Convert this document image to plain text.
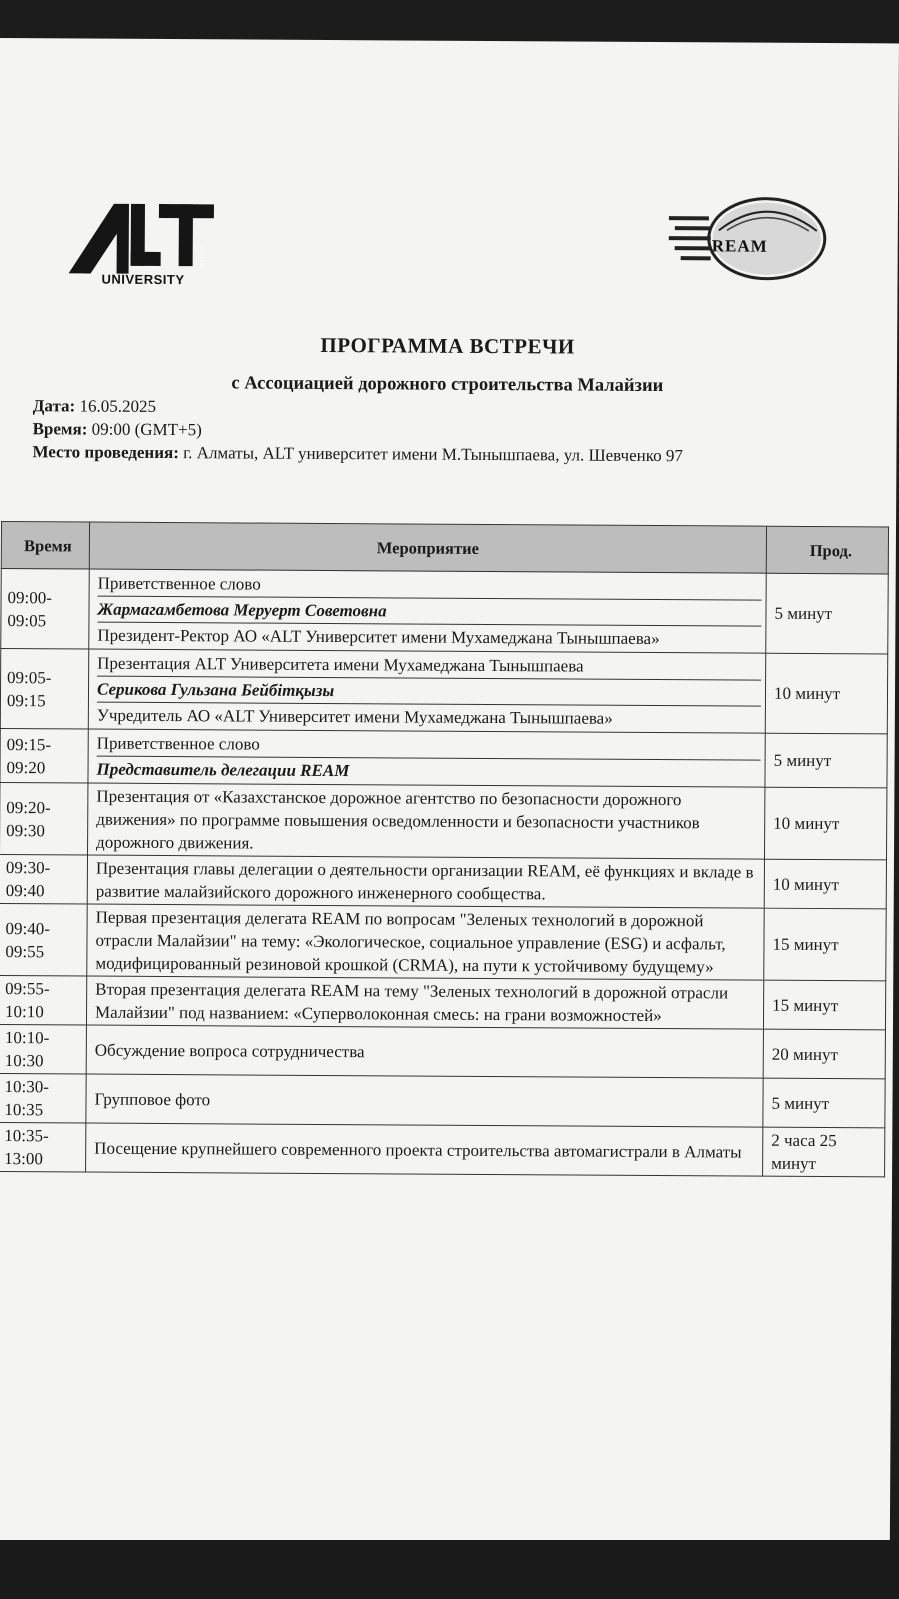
EST. 1931
UNIVERSITY
REAM
ПРОГРАММА ВСТРЕЧИ
с Ассоциацией дорожного строительства Малайзии
Дата: 16.05.2025
Время: 09:00 (GMT+5)
Место проведения: г. Алматы, ALT университет имени М.Тынышпаева, ул. Шевченко 97
Время	Мероприятие	Прод.
09:00- 09:05	Приветственное слово
Жармагамбетова Меруерт Советовна
Президент-Ректор АО «ALT Университет имени Мухамеджана Тынышпаева»	5 минут
09:05- 09:15	Презентация ALT Университета имени Мухамеджана Тынышпаева
Серикова Гульзана Бейбітқызы
Учредитель АО «ALT Университет имени Мухамеджана Тынышпаева»	10 минут
09:15- 09:20	Приветственное слово
Представитель делегации REAM	5 минут
09:20- 09:30	Презентация от «Казахстанское дорожное агентство по безопасности дорожного движения» по программе повышения осведомленности и безопасности участников дорожного движения.	10 минут
09:30- 09:40	Презентация главы делегации о деятельности организации REAM, её функциях и вкладе в развитие малайзийского дорожного инженерного сообщества.	10 минут
09:40- 09:55	Первая презентация делегата REAM по вопросам "Зеленых технологий в дорожной отрасли Малайзии" на тему: «Экологическое, социальное управление (ESG) и асфальт, модифицированный резиновой крошкой (CRMA), на пути к устойчивому будущему»	15 минут
09:55- 10:10	Вторая презентация делегата REAM на тему "Зеленых технологий в дорожной отрасли Малайзии" под названием: «Суперволоконная смесь: на грани возможностей»	15 минут
10:10- 10:30	Обсуждение вопроса сотрудничества	20 минут
10:30- 10:35	Групповое фото	5 минут
10:35- 13:00	Посещение крупнейшего современного проекта строительства автомагистрали в Алматы	2 часа 25 минут
